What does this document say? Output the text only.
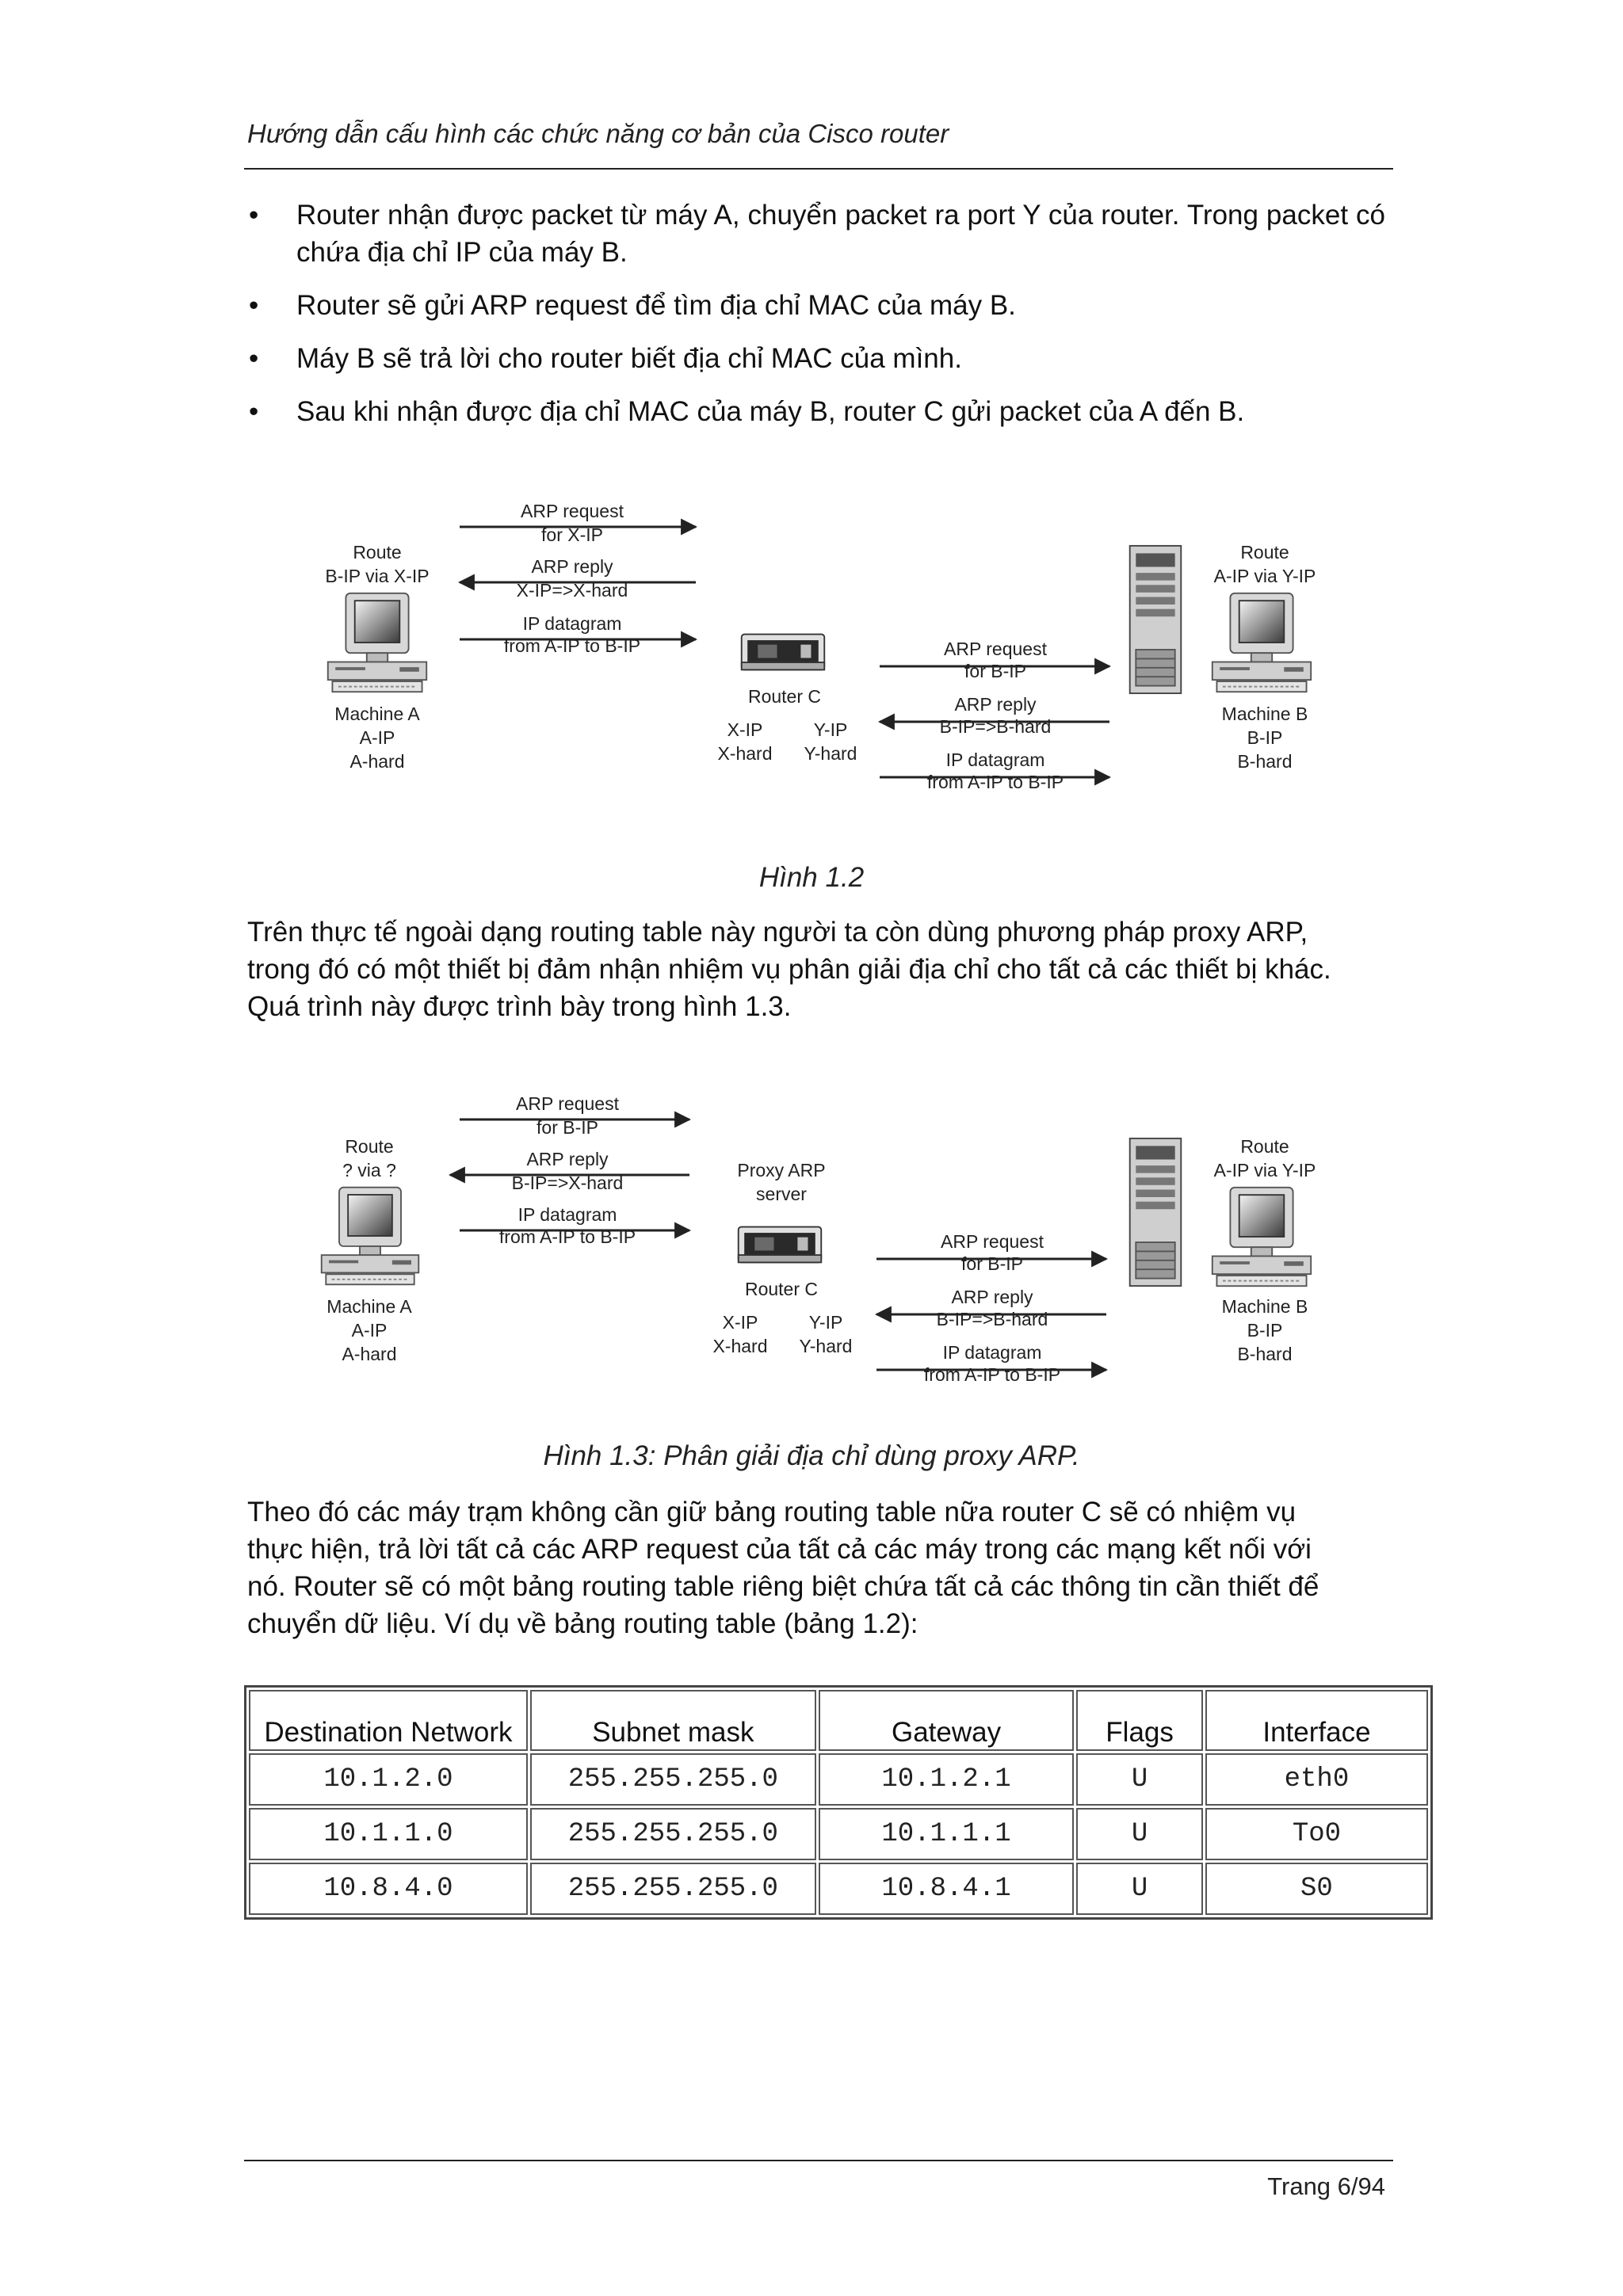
Hướng dẫn cấu hình các chức năng cơ bản của Cisco router
• Router nhận được packet từ máy A, chuyển packet ra port Y của router. Trong packet có chứa địa chỉ IP của máy B.
• Router sẽ gửi ARP request để tìm địa chỉ MAC của máy B.
• Máy B sẽ trả lời cho router biết địa chỉ MAC của mình.
• Sau khi nhận được địa chỉ MAC của máy B, router C gửi packet của A đến B.
ARP request
for X-IP
ARP reply
X-IP=>X-hard
IP datagram
from A-IP to B-IP
Route
B-IP via X-IP
Machine A
A-IP
A-hard
Router C
X-IP
X-hard
Y-IP
Y-hard
ARP request
for B-IP
ARP reply
B-IP=>B-hard
IP datagram
from A-IP to B-IP
Route
A-IP via Y-IP
Machine B
B-IP
B-hard
Hình 1.2
Trên thực tế ngoài dạng routing table này người ta còn dùng phương pháp proxy ARP,
trong đó có một thiết bị đảm nhận nhiệm vụ phân giải địa chỉ cho tất cả các thiết bị khác.
Quá trình này được trình bày trong hình 1.3.
ARP request
for B-IP
ARP reply
B-IP=>X-hard
IP datagram
from A-IP to B-IP
Route
? via ?
Machine A
A-IP
A-hard
Proxy ARP
server
Router C
X-IP
X-hard
Y-IP
Y-hard
ARP request
for B-IP
ARP reply
B-IP=>B-hard
IP datagram
from A-IP to B-IP
Route
A-IP via Y-IP
Machine B
B-IP
B-hard
Hình 1.3: Phân giải địa chỉ dùng proxy ARP.
Theo đó các máy trạm không cần giữ bảng routing table nữa router C sẽ có nhiệm vụ
thực hiện, trả lời tất cả các ARP request của tất cả các máy trong các mạng kết nối với
nó. Router sẽ có một bảng routing table riêng biệt chứa tất cả các thông tin cần thiết để
chuyển dữ liệu. Ví dụ về bảng routing table (bảng 1.2):
Destination Network	Subnet mask	Gateway	Flags	Interface
10.1.2.0	255.255.255.0	10.1.2.1	U	eth0
10.1.1.0	255.255.255.0	10.1.1.1	U	To0
10.8.4.0	255.255.255.0	10.8.4.1	U	S0
Trang 6/94
